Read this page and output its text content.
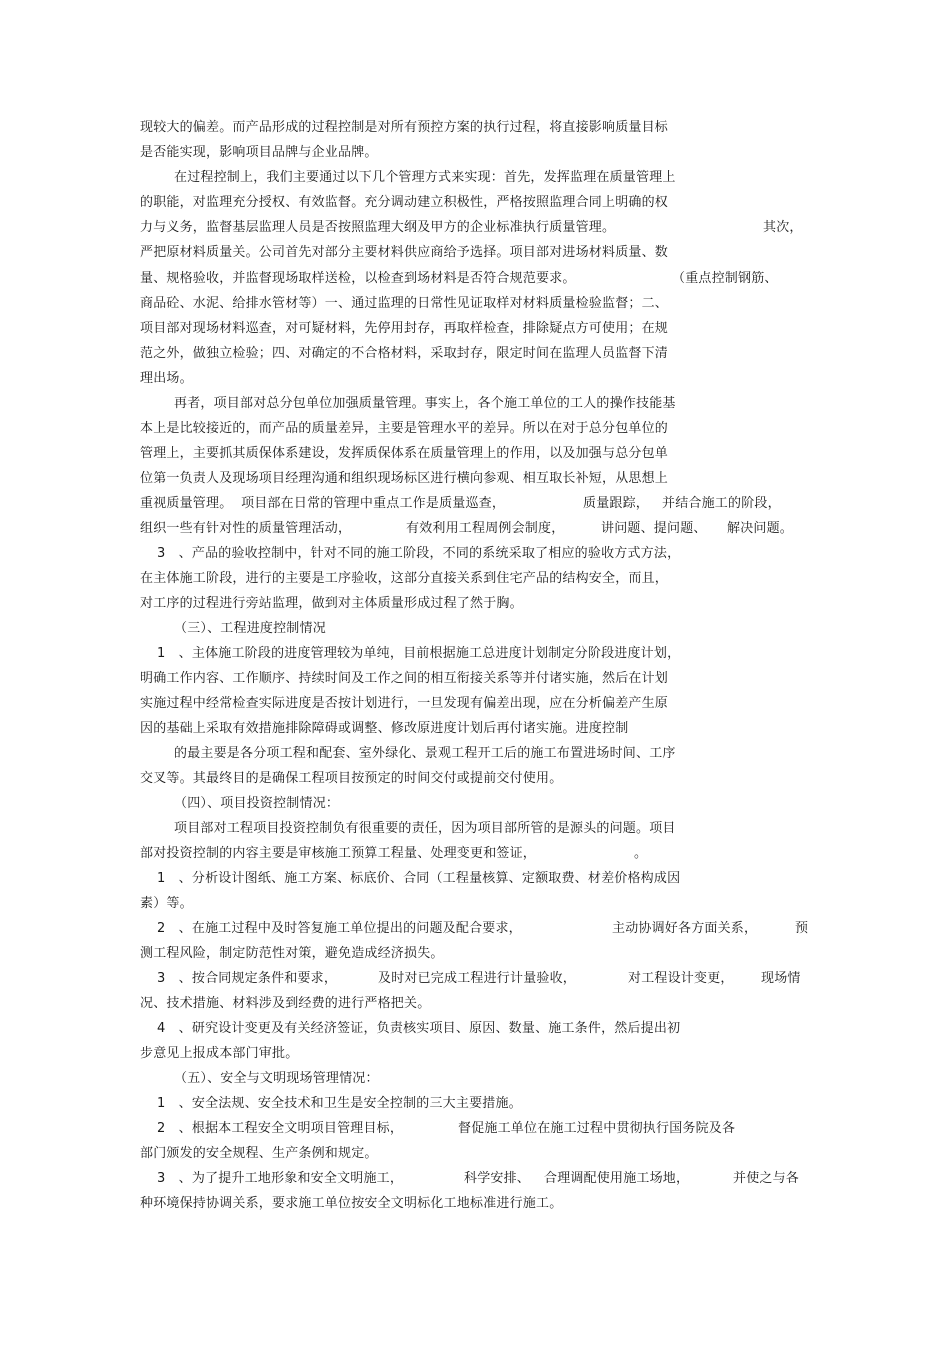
现较大的偏差。而产品形成的过程控制是对所有预控方案的执行过程，将直接影响质量目标
是否能实现，影响项目品牌与企业品牌。
在过程控制上，我们主要通过以下几个管理方式来实现：首先，发挥监理在质量管理上
的职能，对监理充分授权、有效监督。充分调动建立积极性，严格按照监理合同上明确的权
力与义务，监督基层监理人员是否按照监理大纲及甲方的企业标准执行质量管理。	其次，
严把原材料质量关。公司首先对部分主要材料供应商给予选择。项目部对进场材料质量、数
量、规格验收，并监督现场取样送检，以检查到场材料是否符合规范要求。	（重点控制钢筋、
商品砼、水泥、给排水管材等）一、通过监理的日常性见证取样对材料质量检验监督；二、
项目部对现场材料巡查，对可疑材料，先停用封存，再取样检查，排除疑点方可使用；在规
范之外，做独立检验；四、对确定的不合格材料，采取封存，限定时间在监理人员监督下清
理出场。
再者，项目部对总分包单位加强质量管理。事实上，各个施工单位的工人的操作技能基
本上是比较接近的，而产品的质量差异，主要是管理水平的差异。所以在对于总分包单位的
管理上，主要抓其质保体系建设，发挥质保体系在质量管理上的作用，以及加强与总分包单
位第一负责人及现场项目经理沟通和组织现场标区进行横向参观、相互取长补短，从思想上
重视质量管理。  项目部在日常的管理中重点工作是质量巡查，	质量跟踪， 并结合施工的阶段，
组织一些有针对性的质量管理活动，	有效利用工程周例会制度，	讲问题、提问题、 解决问题。
3　、产品的验收控制中，针对不同的施工阶段，不同的系统采取了相应的验收方式方法，
在主体施工阶段，进行的主要是工序验收，这部分直接关系到住宅产品的结构安全，而且，
对工序的过程进行旁站监理，做到对主体质量形成过程了然于胸。
（三）、工程进度控制情况
1　、主体施工阶段的进度管理较为单纯，目前根据施工总进度计划制定分阶段进度计划，
明确工作内容、工作顺序、持续时间及工作之间的相互衔接关系等并付诸实施，然后在计划
实施过程中经常检查实际进度是否按计划进行，一旦发现有偏差出现，应在分析偏差产生原
因的基础上采取有效措施排除障碍或调整、修改原进度计划后再付诸实施。进度控制
的最主要是各分项工程和配套、室外绿化、景观工程开工后的施工布置进场时间、工序
交叉等。其最终目的是确保工程项目按预定的时间交付或提前交付使用。
（四）、项目投资控制情况：
项目部对工程项目投资控制负有很重要的责任，因为项目部所管的是源头的问题。项目
部对投资控制的内容主要是审核施工预算工程量、处理变更和签证，	。
1　、分析设计图纸、施工方案、标底价、合同（工程量核算、定额取费、材差价格构成因
素）等。
2　、在施工过程中及时答复施工单位提出的问题及配合要求，	主动协调好各方面关系，	预
测工程风险，制定防范性对策，避免造成经济损失。
3　、按合同规定条件和要求，	及时对已完成工程进行计量验收，	对工程设计变更， 现场情
况、技术措施、材料涉及到经费的进行严格把关。
4　、研究设计变更及有关经济签证，负责核实项目、原因、数量、施工条件，然后提出初
步意见上报成本部门审批。
（五）、安全与文明现场管理情况：
1　、安全法规、安全技术和卫生是安全控制的三大主要措施。
2　、根据本工程安全文明项目管理目标，	督促施工单位在施工过程中贯彻执行国务院及各
部门颁发的安全规程、生产条例和规定。
3　、为了提升工地形象和安全文明施工，	科学安排、 合理调配使用施工场地，	并使之与各
种环境保持协调关系，要求施工单位按安全文明标化工地标准进行施工。
